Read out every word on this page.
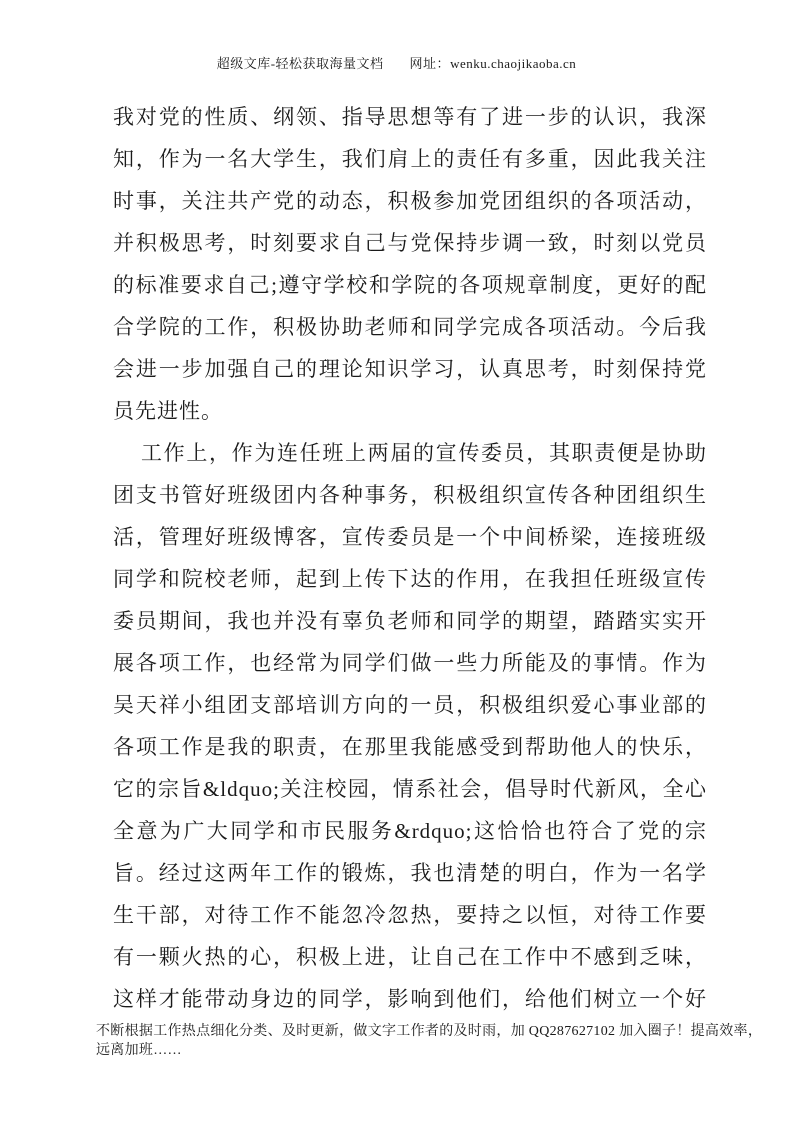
超级文库-轻松获取海量文档 网址：wenku.chaojikaoba.cn
我对党的性质、纲领、指导思想等有了进一步的认识，我深
知，作为一名大学生，我们肩上的责任有多重，因此我关注
时事，关注共产党的动态，积极参加党团组织的各项活动，
并积极思考，时刻要求自己与党保持步调一致，时刻以党员
的标准要求自己;遵守学校和学院的各项规章制度，更好的配
合学院的工作，积极协助老师和同学完成各项活动。今后我
会进一步加强自己的理论知识学习，认真思考，时刻保持党
员先进性。
工作上，作为连任班上两届的宣传委员，其职责便是协助
团支书管好班级团内各种事务，积极组织宣传各种团组织生
活，管理好班级博客，宣传委员是一个中间桥梁，连接班级
同学和院校老师，起到上传下达的作用，在我担任班级宣传
委员期间，我也并没有辜负老师和同学的期望，踏踏实实开
展各项工作，也经常为同学们做一些力所能及的事情。作为
吴天祥小组团支部培训方向的一员，积极组织爱心事业部的
各项工作是我的职责，在那里我能感受到帮助他人的快乐，
它的宗旨&ldquo;关注校园，情系社会，倡导时代新风，全心
全意为广大同学和市民服务&rdquo;这恰恰也符合了党的宗
旨。经过这两年工作的锻炼，我也清楚的明白，作为一名学
生干部，对待工作不能忽冷忽热，要持之以恒，对待工作要
有一颗火热的心，积极上进，让自己在工作中不感到乏味，
这样才能带动身边的同学，影响到他们，给他们树立一个好
不断根据工作热点细化分类、及时更新，做文字工作者的及时雨，加 QQ287627102 加入圈子！提高效率，
远离加班……
